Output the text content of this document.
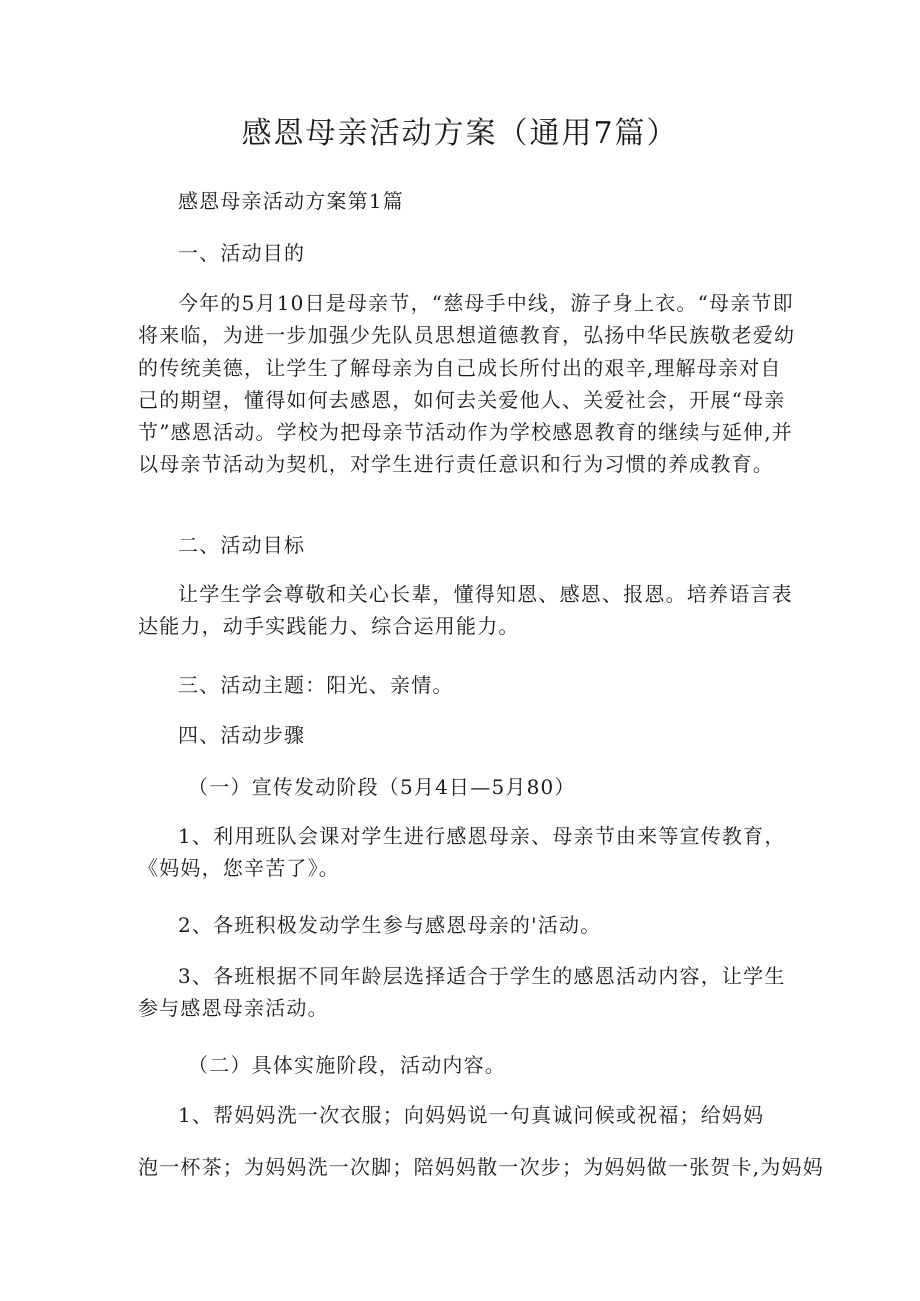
感恩母亲活动方案（通用7篇）

感恩母亲活动方案第1篇

一、活动目的

今年的5月10日是母亲节，“慈母手中线，游子身上衣。“母亲节即将来临，为进一步加强少先队员思想道德教育，弘扬中华民族敬老爱幼的传统美德，让学生了解母亲为自己成长所付出的艰辛,理解母亲对自己的期望，懂得如何去感恩，如何去关爱他人、关爱社会，开展“母亲节”感恩活动。学校为把母亲节活动作为学校感恩教育的继续与延伸,并以母亲节活动为契机，对学生进行责任意识和行为习惯的养成教育。

二、活动目标

让学生学会尊敬和关心长辈，懂得知恩、感恩、报恩。培养语言表达能力，动手实践能力、综合运用能力。

三、活动主题：阳光、亲情。

四、活动步骤

（一）宣传发动阶段（5月4日—5月80）

1、利用班队会课对学生进行感恩母亲、母亲节由来等宣传教育，《妈妈，您辛苦了》。

2、各班积极发动学生参与感恩母亲的'活动。

3、各班根据不同年龄层选择适合于学生的感恩活动内容，让学生参与感恩母亲活动。

（二）具体实施阶段，活动内容。

1、帮妈妈洗一次衣服；向妈妈说一句真诚问候或祝福；给妈妈

泡一杯茶；为妈妈洗一次脚；陪妈妈散一次步；为妈妈做一张贺卡,为妈妈
